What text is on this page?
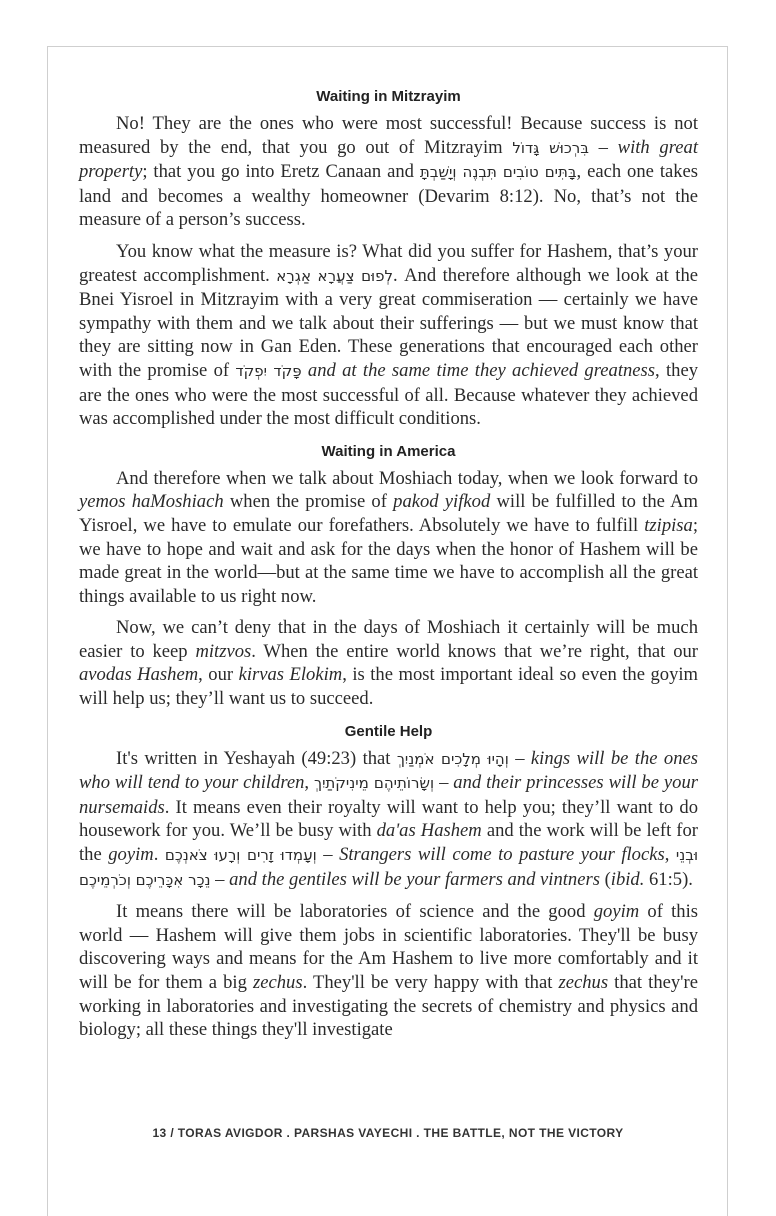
Waiting in Mitzrayim

No! They are the ones who were most successful! Because success is not measured by the end, that you go out of Mitzrayim בִּרְכוּשׁ גָּדוֹל – with great property; that you go into Eretz Canaan and בָּתִּים טוֹבִים תִּבְנֶה וְיָשַׁבְתָּ, each one takes land and becomes a wealthy homeowner (Devarim 8:12). No, that’s not the measure of a person’s success.

You know what the measure is? What did you suffer for Hashem, that’s your greatest accomplishment. לְפוּם צַעֲרָא אַגְרָא. And therefore although we look at the Bnei Yisroel in Mitzrayim with a very great commiseration — certainly we have sympathy with them and we talk about their sufferings — but we must know that they are sitting now in Gan Eden. These generations that encouraged each other with the promise of פָּקֹד יִפְקֹד and at the same time they achieved greatness, they are the ones who were the most successful of all. Because whatever they achieved was accomplished under the most difficult conditions.

Waiting in America

And therefore when we talk about Moshiach today, when we look forward to yemos haMoshiach when the promise of pakod yifkod will be fulfilled to the Am Yisroel, we have to emulate our forefathers. Absolutely we have to fulfill tzipisa; we have to hope and wait and ask for the days when the honor of Hashem will be made great in the world—but at the same time we have to accomplish all the great things available to us right now.

Now, we can’t deny that in the days of Moshiach it certainly will be much easier to keep mitzvos. When the entire world knows that we’re right, that our avodas Hashem, our kirvas Elokim, is the most important ideal so even the goyim will help us; they’ll want us to succeed.

Gentile Help

It's written in Yeshayah (49:23) that וְהָיוּ מְלָכִים אֹמְנַיִךְ – kings will be the ones who will tend to your children, וְשָׂרוֹתֵיהֶם מֵינִיקֹתַיִךְ – and their princesses will be your nursemaids. It means even their royalty will want to help you; they’ll want to do housework for you. We’ll be busy with da'as Hashem and the work will be left for the goyim. וְעָמְדוּ זָרִים וְרָעוּ צֹאנְכֶם – Strangers will come to pasture your flocks, וּבְנֵי נֵכָר אִכָּרֵיכֶם וְכֹרְמֵיכֶם – and the gentiles will be your farmers and vintners (ibid. 61:5).

It means there will be laboratories of science and the good goyim of this world — Hashem will give them jobs in scientific laboratories. They'll be busy discovering ways and means for the Am Hashem to live more comfortably and it will be for them a big zechus. They'll be very happy with that zechus that they're working in laboratories and investigating the secrets of chemistry and physics and biology; all these things they'll investigate

13 / TORAS AVIGDOR . PARSHAS VAYECHI . THE BATTLE, NOT THE VICTORY
